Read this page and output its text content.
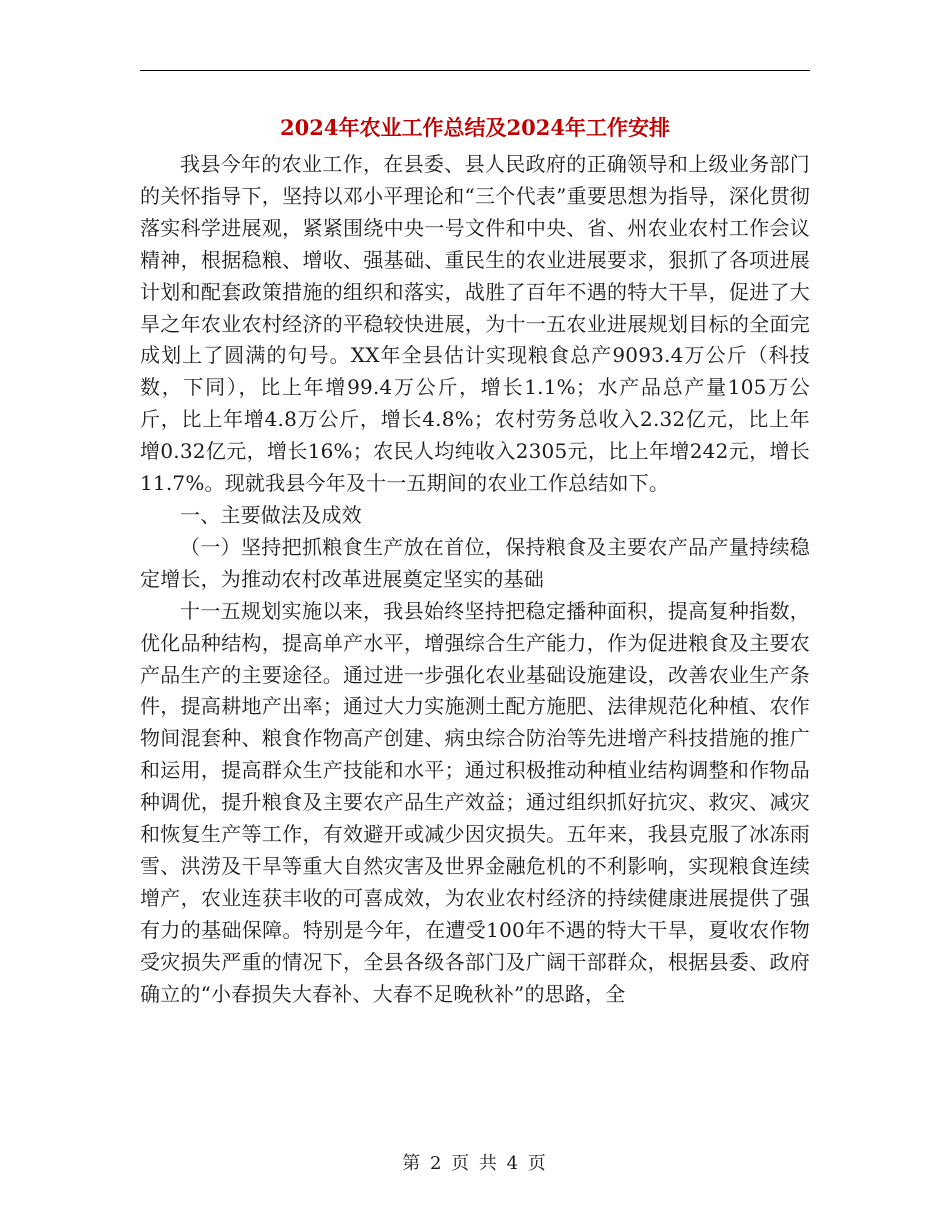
2024年农业工作总结及2024年工作安排

我县今年的农业工作，在县委、县人民政府的正确领导和上级业务部门的关怀指导下，坚持以邓小平理论和“三个代表”重要思想为指导，深化贯彻落实科学进展观，紧紧围绕中央一号文件和中央、省、州农业农村工作会议精神，根据稳粮、增收、强基础、重民生的农业进展要求，狠抓了各项进展计划和配套政策措施的组织和落实，战胜了百年不遇的特大干旱，促进了大旱之年农业农村经济的平稳较快进展，为十一五农业进展规划目标的全面完成划上了圆满的句号。XX年全县估计实现粮食总产9093.4万公斤（科技数，下同），比上年增99.4万公斤，增长1.1%；水产品总产量105万公斤，比上年增4.8万公斤，增长4.8%；农村劳务总收入2.32亿元，比上年增0.32亿元，增长16%；农民人均纯收入2305元，比上年增242元，增长11.7%。现就我县今年及十一五期间的农业工作总结如下。

一、主要做法及成效

（一）坚持把抓粮食生产放在首位，保持粮食及主要农产品产量持续稳定增长，为推动农村改革进展奠定坚实的基础

十一五规划实施以来，我县始终坚持把稳定播种面积，提高复种指数，优化品种结构，提高单产水平，增强综合生产能力，作为促进粮食及主要农产品生产的主要途径。通过进一步强化农业基础设施建设，改善农业生产条件，提高耕地产出率；通过大力实施测土配方施肥、法律规范化种植、农作物间混套种、粮食作物高产创建、病虫综合防治等先进增产科技措施的推广和运用，提高群众生产技能和水平；通过积极推动种植业结构调整和作物品种调优，提升粮食及主要农产品生产效益；通过组织抓好抗灾、救灾、减灾和恢复生产等工作，有效避开或减少因灾损失。五年来，我县克服了冰冻雨雪、洪涝及干旱等重大自然灾害及世界金融危机的不利影响，实现粮食连续增产，农业连获丰收的可喜成效，为农业农村经济的持续健康进展提供了强有力的基础保障。特别是今年，在遭受100年不遇的特大干旱，夏收农作物受灾损失严重的情况下，全县各级各部门及广阔干部群众，根据县委、政府确立的“小春损失大春补、大春不足晚秋补”的思路，全

第 2 页 共 4 页
